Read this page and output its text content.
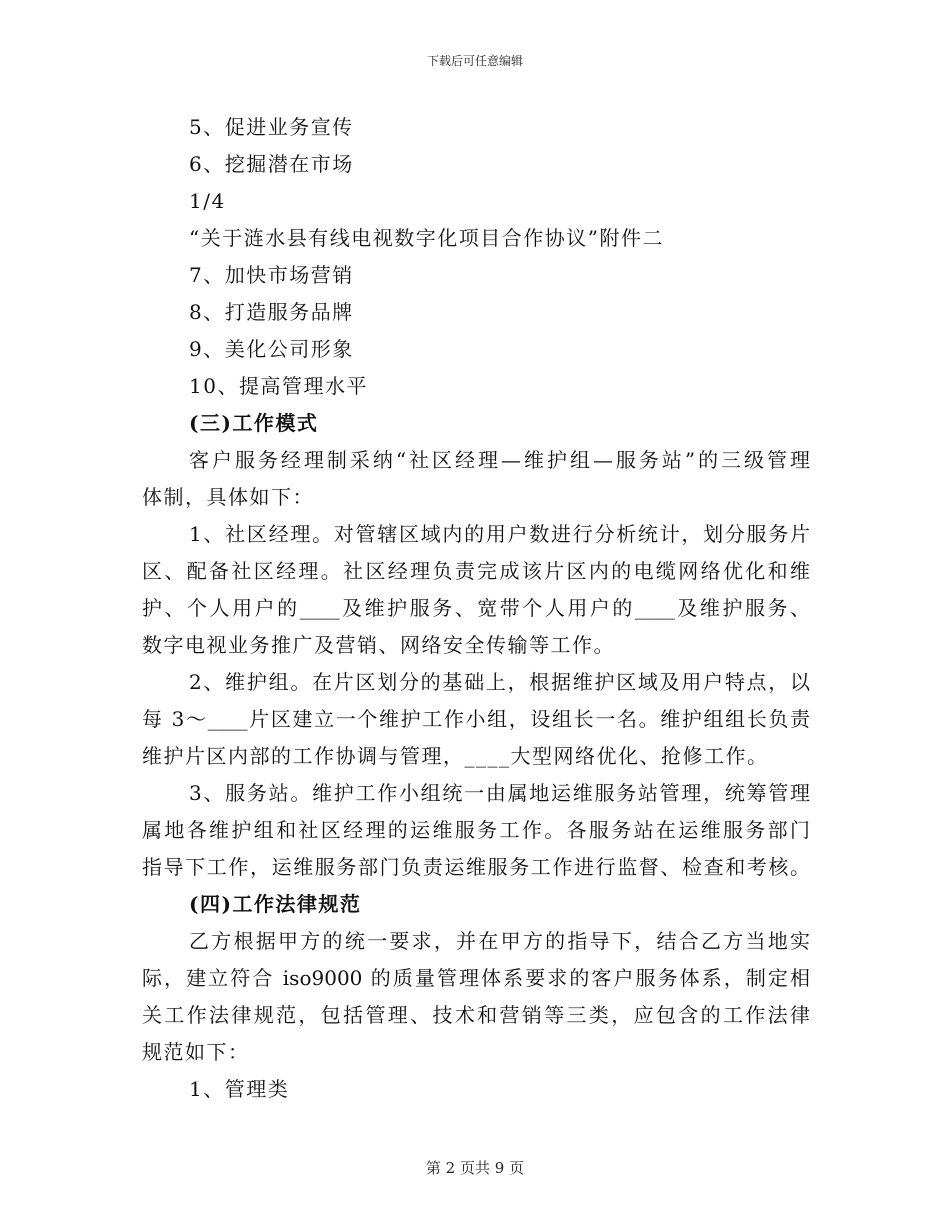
下载后可任意编辑
5、促进业务宣传
6、挖掘潜在市场
1/4
“关于涟水县有线电视数字化项目合作协议”附件二
7、加快市场营销
8、打造服务品牌
9、美化公司形象
10、提高管理水平
(三)工作模式
客户服务经理制采纳“社区经理—维护组—服务站”的三级管理
体制，具体如下：
1、社区经理。对管辖区域内的用户数进行分析统计，划分服务片
区、配备社区经理。社区经理负责完成该片区内的电缆网络优化和维
护、个人用户的____及维护服务、宽带个人用户的____及维护服务、
数字电视业务推广及营销、网络安全传输等工作。
2、维护组。在片区划分的基础上，根据维护区域及用户特点，以
每 3～____片区建立一个维护工作小组，设组长一名。维护组组长负责
维护片区内部的工作协调与管理，____大型网络优化、抢修工作。
3、服务站。维护工作小组统一由属地运维服务站管理，统筹管理
属地各维护组和社区经理的运维服务工作。各服务站在运维服务部门
指导下工作，运维服务部门负责运维服务工作进行监督、检查和考核。
(四)工作法律规范
乙方根据甲方的统一要求，并在甲方的指导下，结合乙方当地实
际，建立符合 iso9000 的质量管理体系要求的客户服务体系，制定相
关工作法律规范，包括管理、技术和营销等三类，应包含的工作法律
规范如下：
1、管理类
第 2 页共 9 页
